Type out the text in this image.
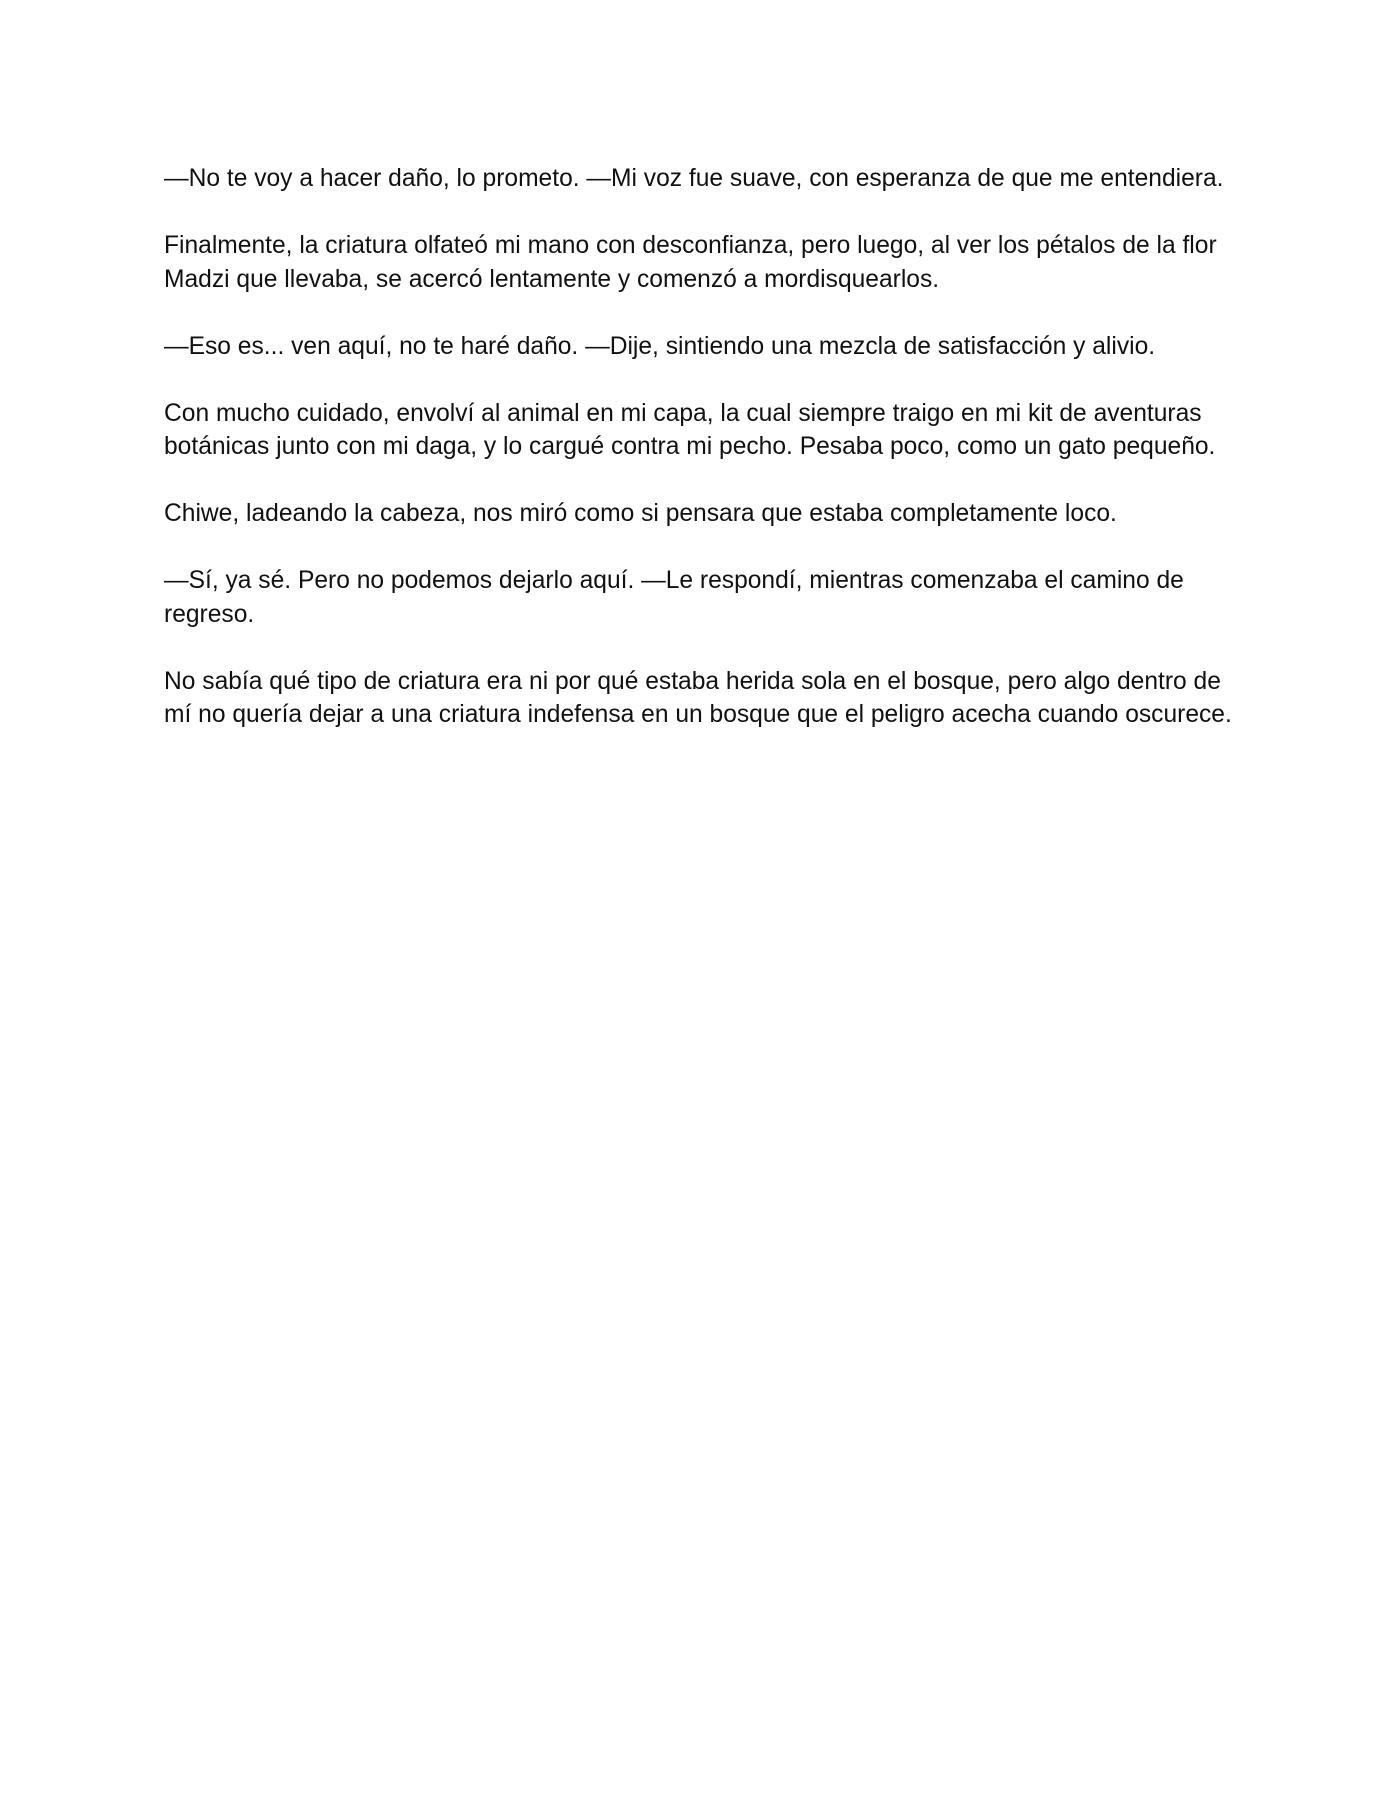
—No te voy a hacer daño, lo prometo. —Mi voz fue suave, con esperanza de que me entendiera.

Finalmente, la criatura olfateó mi mano con desconfianza, pero luego, al ver los pétalos de la flor Madzi que llevaba, se acercó lentamente y comenzó a mordisquearlos.

—Eso es... ven aquí, no te haré daño. —Dije, sintiendo una mezcla de satisfacción y alivio.

Con mucho cuidado, envolví al animal en mi capa, la cual siempre traigo en mi kit de aventuras botánicas junto con mi daga, y lo cargué contra mi pecho. Pesaba poco, como un gato pequeño.

Chiwe, ladeando la cabeza, nos miró como si pensara que estaba completamente loco.

—Sí, ya sé. Pero no podemos dejarlo aquí. —Le respondí, mientras comenzaba el camino de regreso.

No sabía qué tipo de criatura era ni por qué estaba herida sola en el bosque, pero algo dentro de mí no quería dejar a una criatura indefensa en un bosque que el peligro acecha cuando oscurece.
